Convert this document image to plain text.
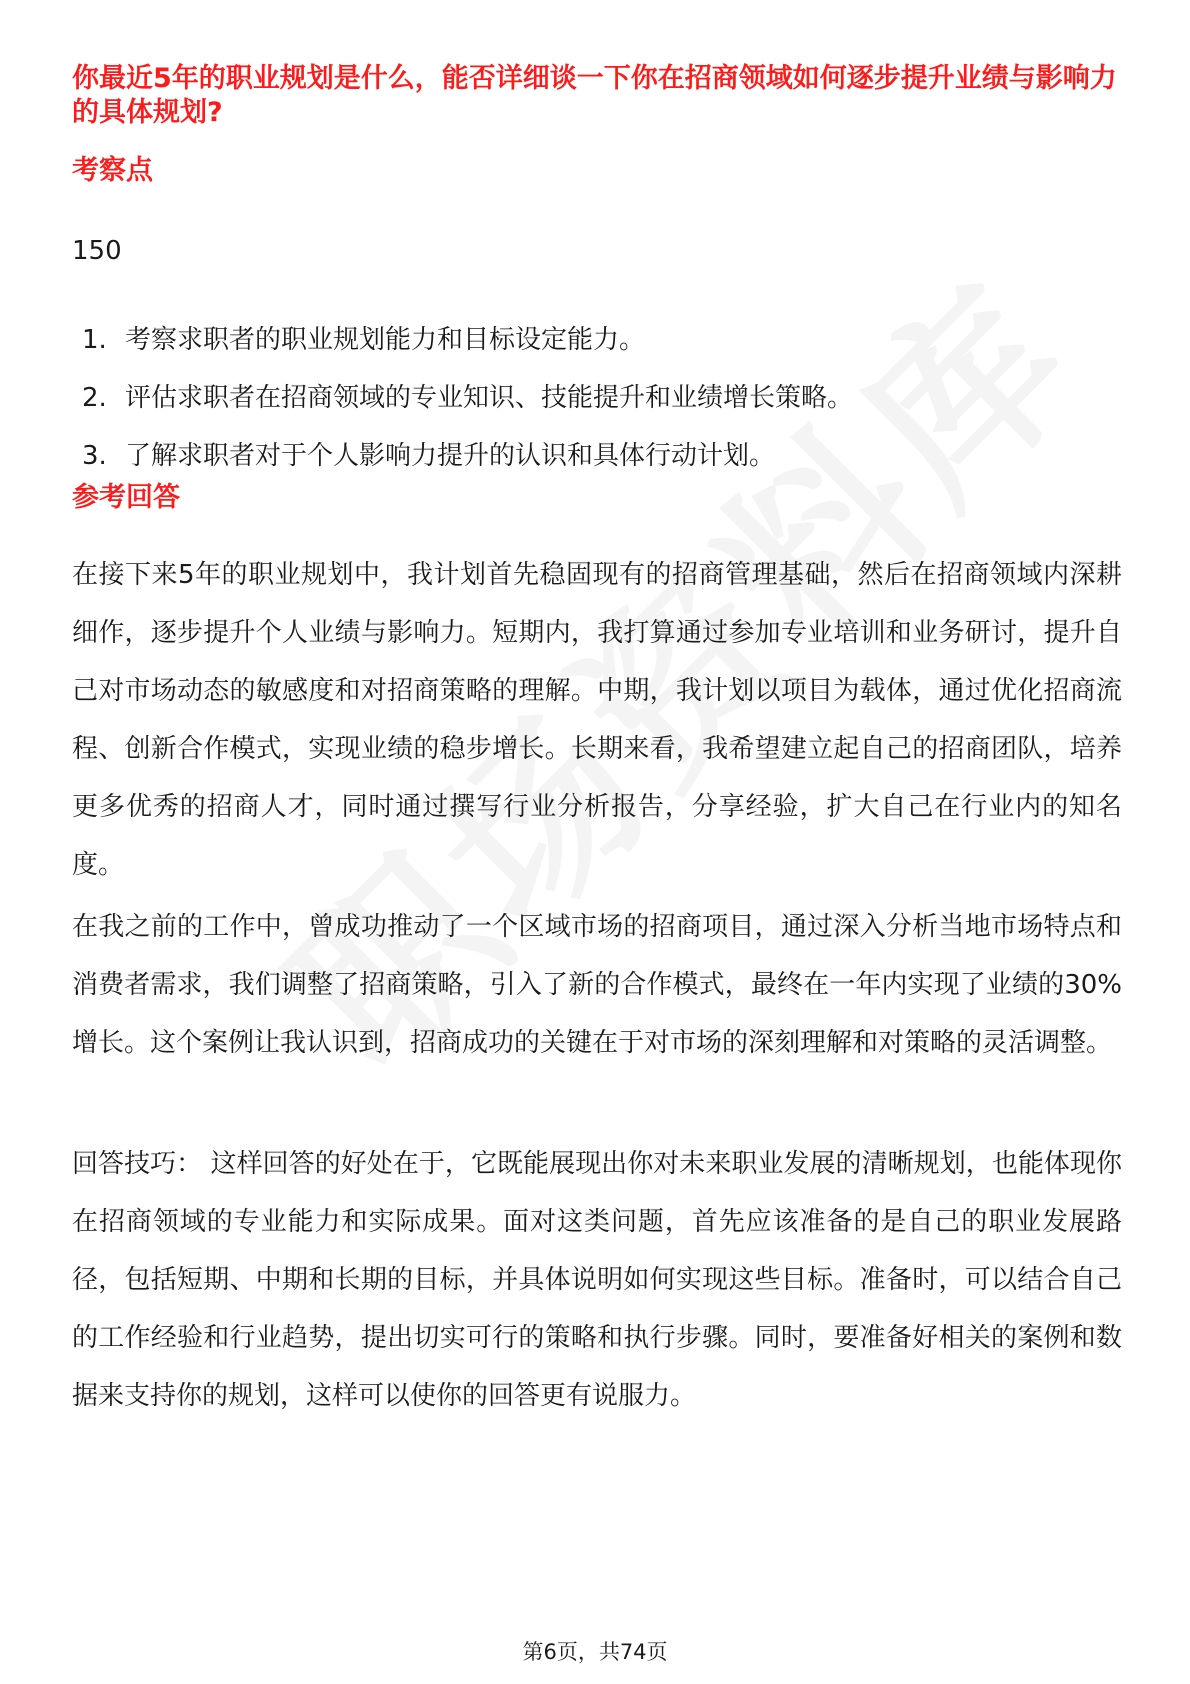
你最近5年的职业规划是什么，能否详细谈一下你在招商领域如何逐步提升业绩与影响力的具体规划?
考察点

150

1. 考察求职者的职业规划能力和目标设定能力。
2. 评估求职者在招商领域的专业知识、技能提升和业绩增长策略。
3. 了解求职者对于个人影响力提升的认识和具体行动计划。
参考回答

在接下来5年的职业规划中，我计划首先稳固现有的招商管理基础，然后在招商领域内深耕细作，逐步提升个人业绩与影响力。短期内，我打算通过参加专业培训和业务研讨，提升自己对市场动态的敏感度和对招商策略的理解。中期，我计划以项目为载体，通过优化招商流程、创新合作模式，实现业绩的稳步增长。长期来看，我希望建立起自己的招商团队，培养更多优秀的招商人才，同时通过撰写行业分析报告，分享经验，扩大自己在行业内的知名度。

在我之前的工作中，曾成功推动了一个区域市场的招商项目，通过深入分析当地市场特点和消费者需求，我们调整了招商策略，引入了新的合作模式，最终在一年内实现了业绩的30%增长。这个案例让我认识到，招商成功的关键在于对市场的深刻理解和对策略的灵活调整。

回答技巧： 这样回答的好处在于，它既能展现出你对未来职业发展的清晰规划，也能体现你在招商领域的专业能力和实际成果。面对这类问题，首先应该准备的是自己的职业发展路径，包括短期、中期和长期的目标，并具体说明如何实现这些目标。准备时，可以结合自己的工作经验和行业趋势，提出切实可行的策略和执行步骤。同时，要准备好相关的案例和数据来支持你的规划，这样可以使你的回答更有说服力。

第6页，共74页
